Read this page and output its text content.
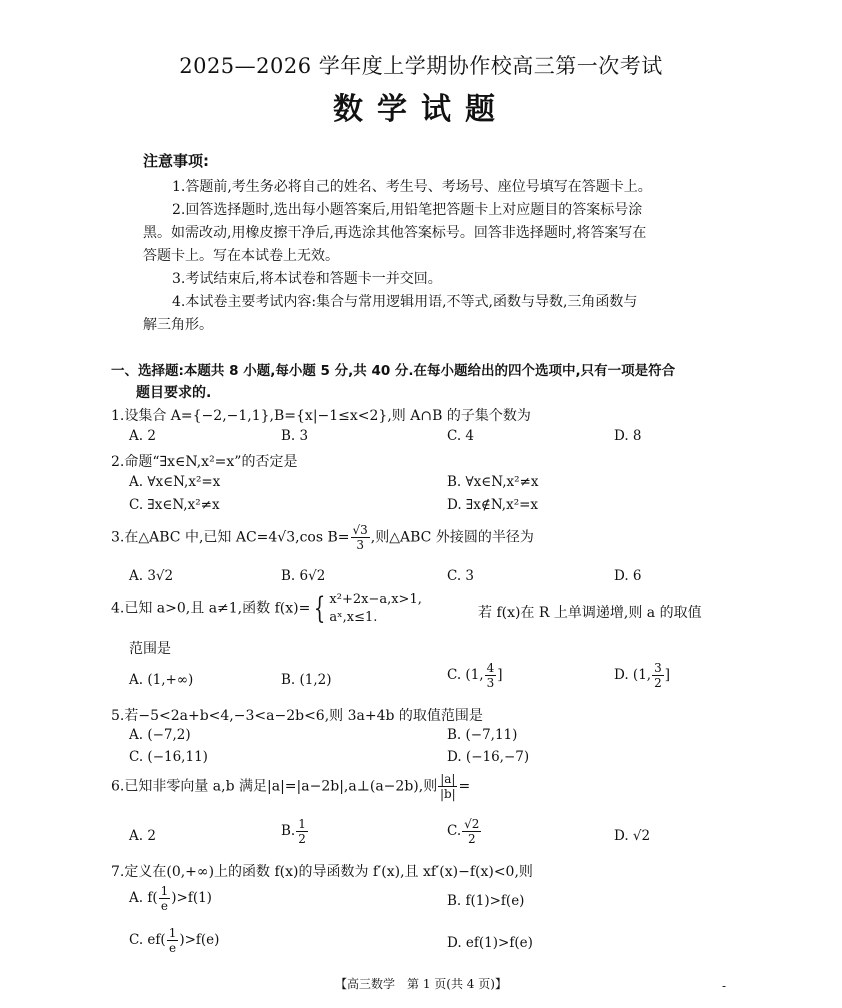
2025—2026 学年度上学期协作校高三第一次考试
数学试题
注意事项:
1.答题前,考生务必将自己的姓名、考生号、考场号、座位号填写在答题卡上。
2.回答选择题时,选出每小题答案后,用铅笔把答题卡上对应题目的答案标号涂
黑。如需改动,用橡皮擦干净后,再选涂其他答案标号。回答非选择题时,将答案写在
答题卡上。写在本试卷上无效。
3.考试结束后,将本试卷和答题卡一并交回。
4.本试卷主要考试内容:集合与常用逻辑用语,不等式,函数与导数,三角函数与
解三角形。
一、选择题:本题共 8 小题,每小题 5 分,共 40 分.在每小题给出的四个选项中,只有一项是符合
题目要求的.
1.设集合 A={−2,−1,1},B={x|−1≤x<2},则 A∩B 的子集个数为
A. 2	B. 3	C. 4	D. 8
2.命题“∃x∈N,x²=x”的否定是
A. ∀x∈N,x²=x	B. ∀x∈N,x²≠x
C. ∃x∈N,x²≠x	D. ∃x∉N,x²=x
3.在△ABC 中,已知 AC=4√3,cos $B= \frac{√3}{3}$ ,则△ABC 外接圆的半径为
A. 3√2	B. 6√2	C. 3	D. 6
4.已知 a>0,且 a≠1,函数 f(x)= { x²+2x−a,x>1,
aˣ,x≤1.	若 f(x)在 R 上单调递增,则 a 的取值
范围是
A. (1,+∞)	B. (1,2)	C. (1, $\frac{4}{3}$ ]	D. (1, $\frac{3}{2}$ ]
5.若−5<2a+b<4,−3<a−2b<6,则 3a+4b 的取值范围是
A. (−7,2)	B. (−7,11)
C. (−16,11)	D. (−16,−7)
6.已知非零向量 a,b 满足|a|=|a−2b|,a⊥(a−2b),则 $\frac{|a|}{|b|}$ =
A. 2	B. $\frac{1}{2}$	C. $\frac{√2}{2}$	D. √2
7.定义在(0,+∞)上的函数 f(x)的导函数为 f′(x),且 xf′(x)−f(x)<0,则
A. $f( \frac{1}{e} )>f(1)$	B. f(1)>f(e)
C. $ef( \frac{1}{e} )>f(e)$	D. ef(1)>f(e)
【高三数学　第 1 页(共 4 页)】	-
